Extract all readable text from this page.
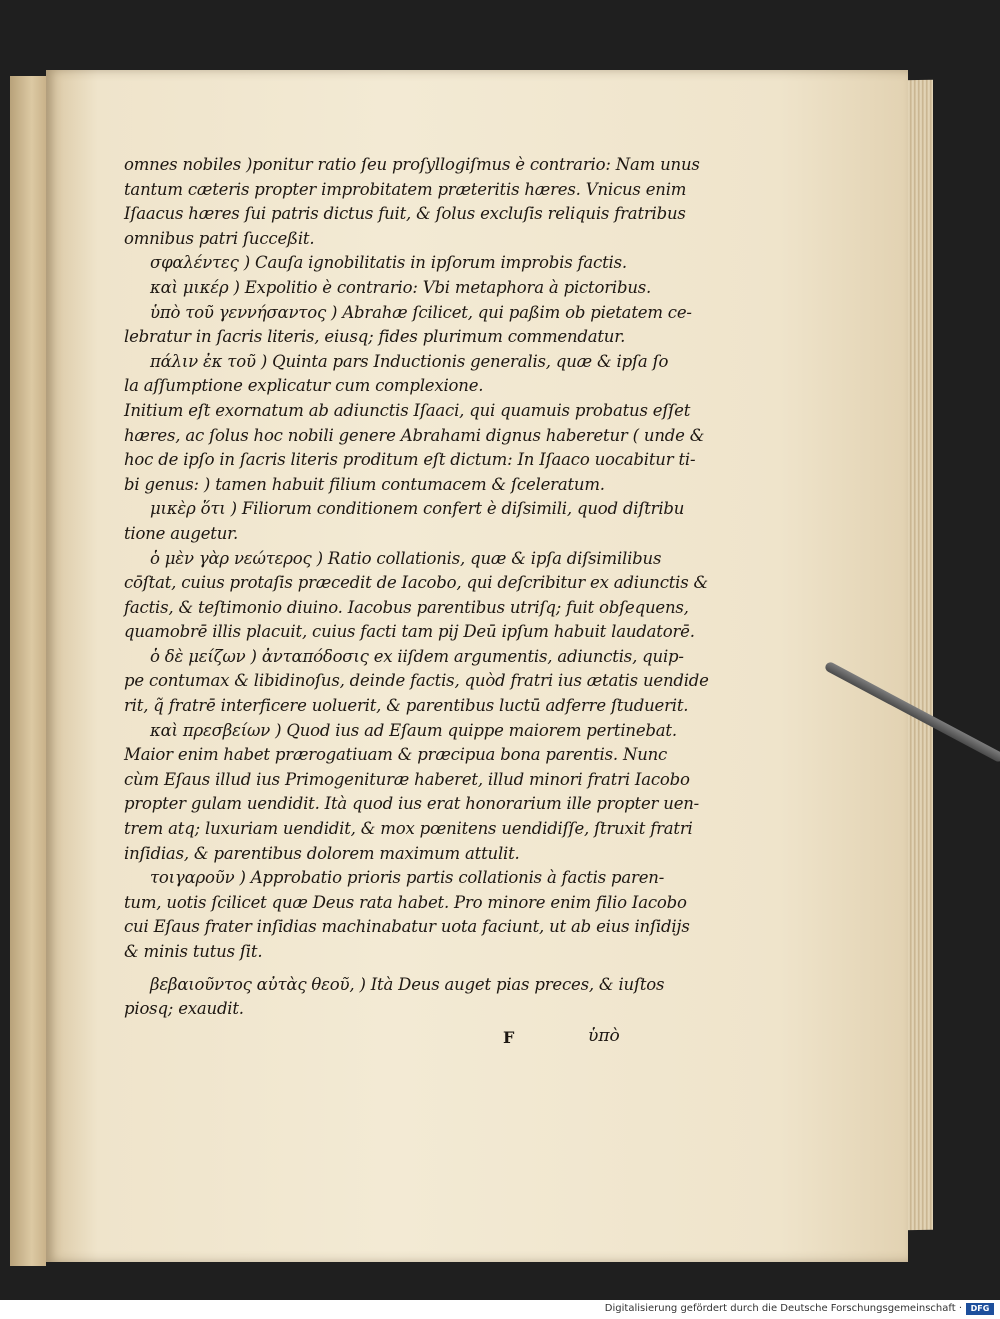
omnes nobiles )ponitur ratio ſeu proſyllogiſmus è contrario: Nam unus
tantum cæteris propter improbitatem præteritis hæres. Vnicus enim
Iſaacus hæres ſui patris dictus fuit, & ſolus excluſis reliquis fratribus
omnibus patri ſucceßit.
σφαλέντες ) Cauſa ignobilitatis in ipſorum improbis factis.
καὶ μικέρ ) Expolitio è contrario: Vbi metaphora à pictoribus.
ὑπὸ τοῦ γεννήσαντος ) Abrahæ ſcilicet, qui paßim ob pietatem ce-
lebratur in ſacris literis, eiusq; fides plurimum commendatur.
πάλιν ἐκ τοῦ ) Quinta pars Inductionis generalis, quæ & ipſa ſo
la aſſumptione explicatur cum complexione.
Initium eſt exornatum ab adiunctis Iſaaci, qui quamuis probatus eſſet
hæres, ac ſolus hoc nobili genere Abrahami dignus haberetur ( unde &
hoc de ipſo in ſacris literis proditum eſt dictum: In Iſaaco uocabitur ti-
bi genus: ) tamen habuit filium contumacem & ſceleratum.
μικὲρ ὅτι ) Filiorum conditionem confert è diſsimili, quod diſtribu
tione augetur.
ὁ μὲν γὰρ νεώτερος ) Ratio collationis, quæ & ipſa diſsimilibus
cōſtat, cuius protaſis præcedit de Iacobo, qui deſcribitur ex adiunctis &
factis, & teſtimonio diuino. Iacobus parentibus utriſq; fuit obſequens,
quamobrē illis placuit, cuius facti tam pij Deū ipſum habuit laudatorē.
ὁ δὲ μείζων ) ἀνταπόδοσις ex iiſdem argumentis, adiunctis, quip-
pe contumax & libidinoſus, deinde factis, quòd fratri ius ætatis uendide
rit, q̃ fratrē interficere uoluerit, & parentibus luctū adferre ſtuduerit.
καὶ πρεσβείων ) Quod ius ad Eſaum quippe maiorem pertinebat.
Maior enim habet prærogatiuam & præcipua bona parentis. Nunc
cùm Eſaus illud ius Primogenituræ haberet, illud minori fratri Iacobo
propter gulam uendidit. Ità quod ius erat honorarium ille propter uen-
trem atq; luxuriam uendidit, & mox pœnitens uendidiſſe, ſtruxit fratri
inſidias, & parentibus dolorem maximum attulit.
τοιγαροῦν ) Approbatio prioris partis collationis à factis paren-
tum, uotis ſcilicet quæ Deus rata habet. Pro minore enim filio Iacobo
cui Eſaus frater inſidias machinabatur uota faciunt, ut ab eius inſidijs
& minis tutus ſit.
βεβαιοῦντος αὐτὰς θεοῦ, ) Ità Deus auget pias preces, & iuſtos
piosq; exaudit.
F	ὑπὸ
Digitalisierung gefördert durch die Deutsche Forschungsgemeinschaft ·	DFG
